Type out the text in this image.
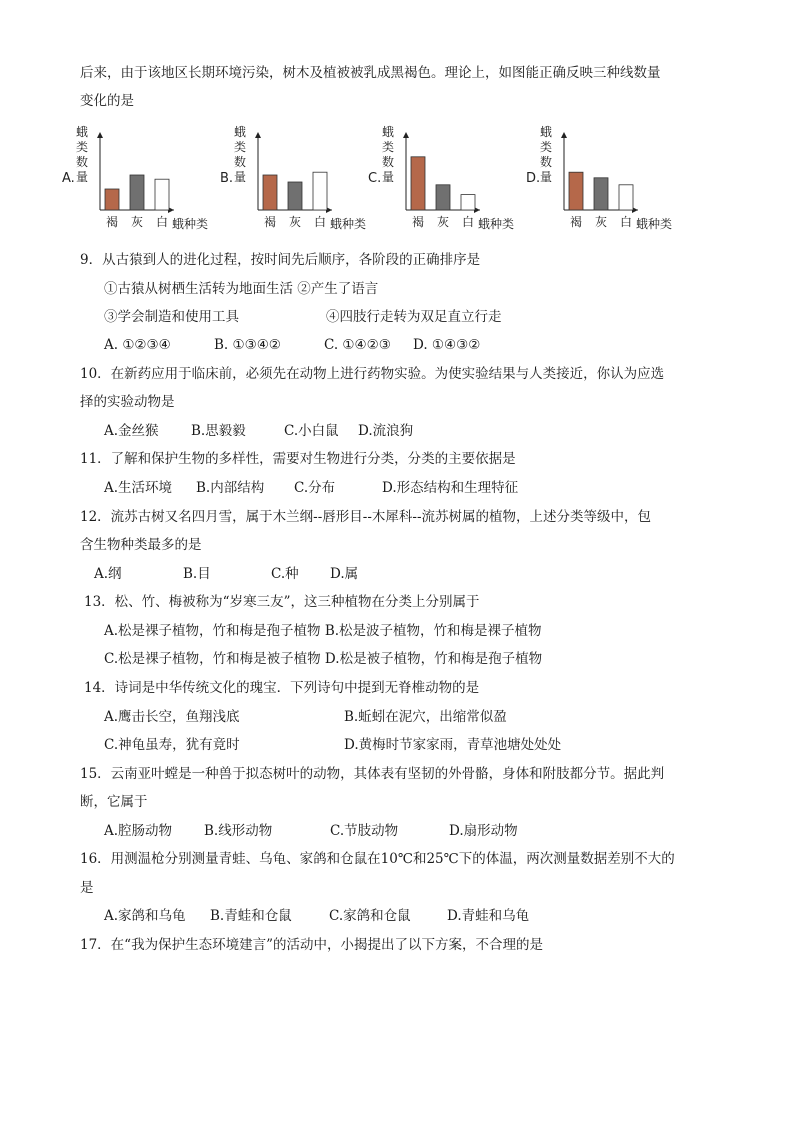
后来，由于该地区长期环境污染，树木及植被被乳成黑褐色。理论上，如图能正确反映三种线数量
变化的是
A.
蛾
类
数
量
褐 灰 白 蛾种类
B.
蛾
类
数
量
褐 灰 白 蛾种类
C.
蛾
类
数
量
褐 灰 白 蛾种类
D.
蛾
类
数
量
褐 灰 白 蛾种类
9．从古猿到人的进化过程，按时间先后顺序，各阶段的正确排序是
①古猿从树栖生活转为地面生活 ②产生了语言
③学会制造和使用工具	④四肢行走转为双足直立行走
A. ①②③④	B. ①③④②	C. ①④②③ D. ①④③②
10．在新药应用于临床前，必须先在动物上进行药物实验。为使实验结果与人类接近，你认为应选
择的实验动物是
A.金丝猴 B.思毅毅	C.小白鼠 D.流浪狗
11．了解和保护生物的多样性，需要对生物进行分类，分类的主要依据是
A.生活环境 B.内部结构 C.分布	D.形态结构和生理特征
12．流苏古树又名四月雪，属于木兰纲--唇形目--木犀科--流苏树属的植物，上述分类等级中，包
含生物种类最多的是
A.纲	B.目	C.种 D.属
13．松、竹、梅被称为“岁寒三友”，这三种植物在分类上分别属于
A.松是裸子植物，竹和梅是孢子植物 B.松是波子植物，竹和梅是裸子植物
C.松是裸子植物，竹和梅是被子植物 D.松是被子植物，竹和梅是孢子植物
14．诗词是中华传统文化的瑰宝．下列诗句中提到无脊椎动物的是
A.鹰击长空，鱼翔浅底	B.蚯蚓在泥穴，出缩常似盈
C.神龟虽寿，犹有竟时	D.黄梅时节家家雨，青草池塘处处处
15．云南亚叶螳是一种兽于拟态树叶的动物，其体表有坚韧的外骨骼，身体和附肢都分节。据此判
断，它属于
A.腔肠动物 B.线形动物	C.节肢动物	D.扇形动物
16．用测温枪分别测量青蛙、乌龟、家鸽和仓鼠在10℃和25℃下的体温，两次测量数据差别不大的
是
A.家鸽和乌龟 B.青蛙和仓鼠	C.家鸽和仓鼠	D.青蛙和乌龟
17．在“我为保护生态环境建言”的活动中，小揭提出了以下方案，不合理的是
